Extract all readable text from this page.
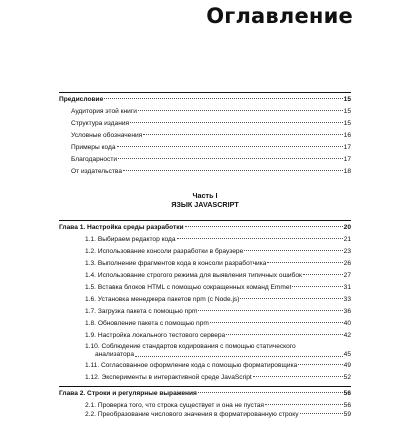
Оглавление
Предисловие	15
Аудитория этой книги	15
Структура издания	15
Условные обозначения	16
Примеры кода	17
Благодарности	17
От издательства	18
Часть I
ЯЗЫК JAVASCRIPT
Глава 1. Настройка среды разработки	20
1.1. Выбираем редактор кода	21
1.2. Использование консоли разработки в браузере	23
1.3. Выполнение фрагментов кода в консоли разработчика	26
1.4. Использование строгого режима для выявления типичных ошибок	27
1.5. Вставка блоков HTML с помощью сокращенных команд Emmet	31
1.6. Установка менеджера пакетов npm (с Node.js)	33
1.7. Загрузка пакета с помощью npm	36
1.8. Обновление пакета с помощью npm	40
1.9. Настройка локального тестового сервера	42
1.10. Соблюдение стандартов кодирования с помощью статического
анализатора	45
1.11. Согласованное оформление кода с помощью форматировщика	49
1.12. Эксперименты в интерактивной среде JavaScript	52
Глава 2. Строки и регулярные выражения	56
2.1. Проверка того, что строка существует и она не пустая	56
2.2. Преобразование числового значения в форматированную строку	59
